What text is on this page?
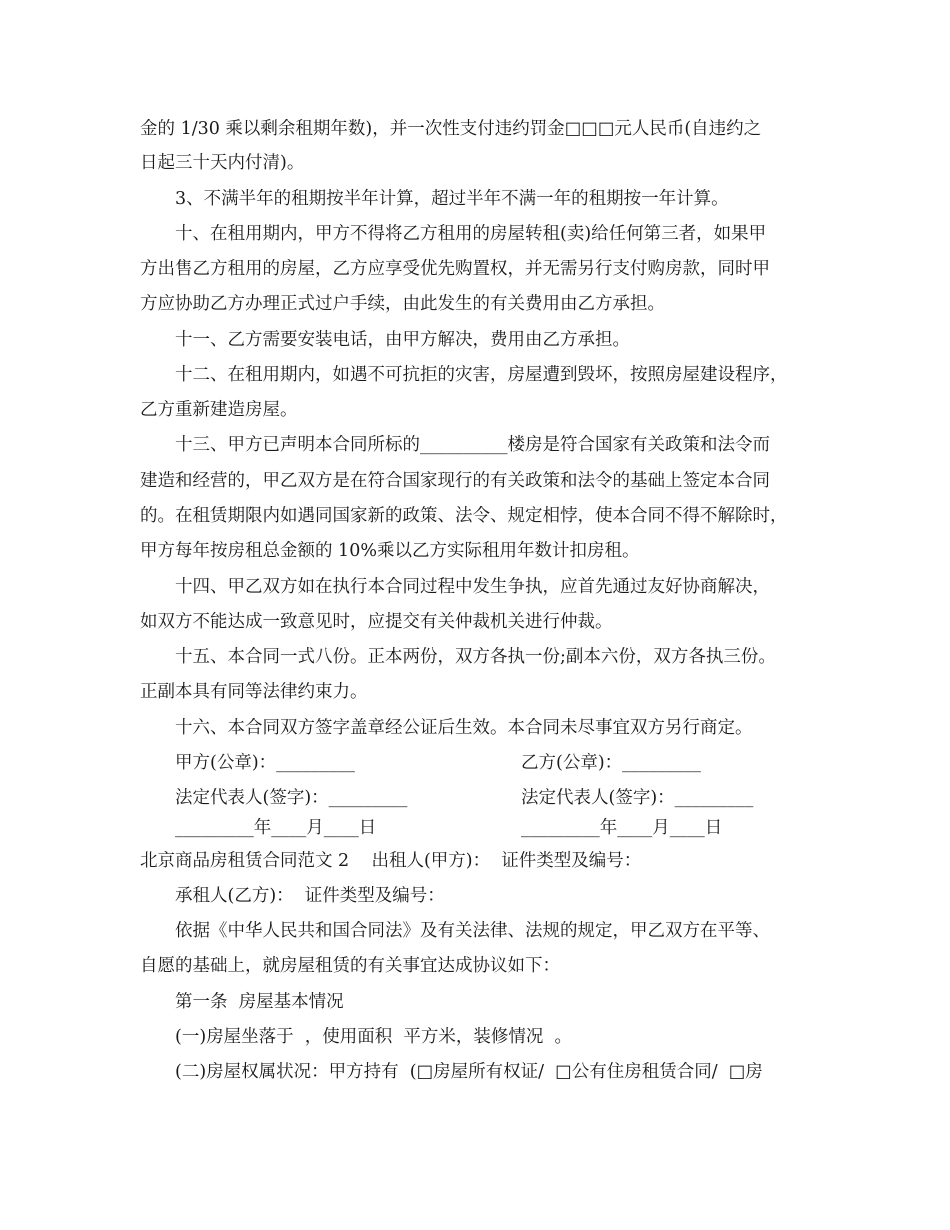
金的 1/30 乘以剩余租期年数)，并一次性支付违约罚金□□□元人民币(自违约之
日起三十天内付清)。
3、不满半年的租期按半年计算，超过半年不满一年的租期按一年计算。
十、在租用期内，甲方不得将乙方租用的房屋转租(卖)给任何第三者，如果甲
方出售乙方租用的房屋，乙方应享受优先购置权，并无需另行支付购房款，同时甲
方应协助乙方办理正式过户手续，由此发生的有关费用由乙方承担。
十一、乙方需要安装电话，由甲方解决，费用由乙方承担。
十二、在租用期内，如遇不可抗拒的灾害，房屋遭到毁坏，按照房屋建设程序，
乙方重新建造房屋。
十三、甲方已声明本合同所标的__________楼房是符合国家有关政策和法令而
建造和经营的，甲乙双方是在符合国家现行的有关政策和法令的基础上签定本合同
的。在租赁期限内如遇同国家新的政策、法令、规定相悖，使本合同不得不解除时，
甲方每年按房租总金额的 10%乘以乙方实际租用年数计扣房租。
十四、甲乙双方如在执行本合同过程中发生争执，应首先通过友好协商解决，
如双方不能达成一致意见时，应提交有关仲裁机关进行仲裁。
十五、本合同一式八份。正本两份，双方各执一份;副本六份，双方各执三份。
正副本具有同等法律约束力。
十六、本合同双方签字盖章经公证后生效。本合同未尽事宜双方另行商定。
甲方(公章)：_________	乙方(公章)：_________
法定代表人(签字)：_________	法定代表人(签字)：_________
_________年____月____日	_________年____月____日
北京商品房租赁合同范文 2    出租人(甲方)：  证件类型及编号：
承租人(乙方)：  证件类型及编号：
依据《中华人民共和国合同法》及有关法律、法规的规定，甲乙双方在平等、
自愿的基础上，就房屋租赁的有关事宜达成协议如下：
第一条  房屋基本情况
(一)房屋坐落于  ，使用面积  平方米，装修情况  。
(二)房屋权属状况：甲方持有  (□房屋所有权证/  □公有住房租赁合同/  □房
